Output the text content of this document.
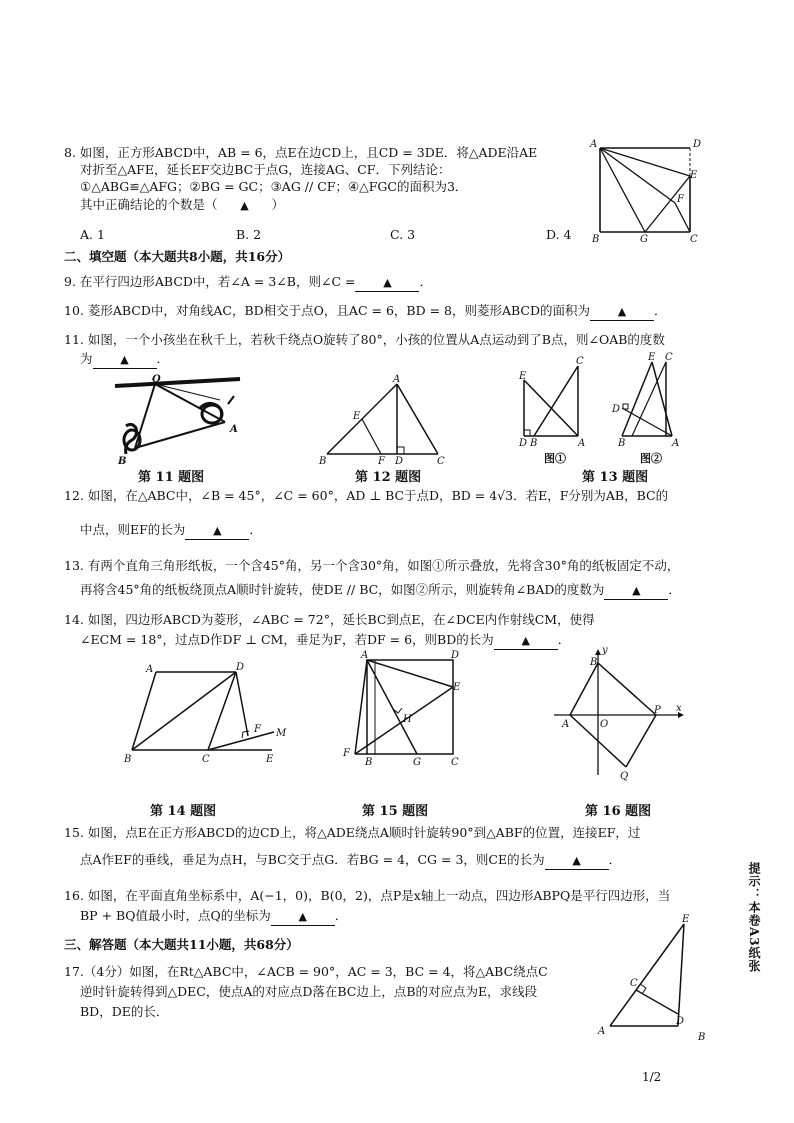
8. 如图，正方形ABCD中，AB = 6，点E在边CD上，且CD = 3DE．将△ADE沿AE
对折至△AFE，延长EF交边BC于点G，连接AG、CF．下列结论：
①△ABG≌△AFG；②BG = GC；③AG // CF；④△FGC的面积为3．
其中正确结论的个数是（ ▲ ）
A. 1	B. 2	C. 3	D. 4
A	D
E
F
B	G	C
二、填空题（本大题共8小题，共16分）
9. 在平行四边形ABCD中，若∠A = 3∠B，则∠C =	▲ ．
10. 菱形ABCD中，对角线AC，BD相交于点O，且AC = 6，BD = 8，则菱形ABCD的面积为	▲ ．
11. 如图，一个小孩坐在秋千上，若秋千绕点O旋转了80°，小孩的位置从A点运动到了B点，则∠OAB的度数
为	▲ ．
O
A
B
A
E
B	F D	C
E
C
D B	A
图①
E C
D
B	A
图②
第 11 题图	第 12 题图	第 13 题图
12. 如图，在△ABC中，∠B = 45°，∠C = 60°，AD ⊥ BC于点D，BD = 4√3．若E，F分别为AB，BC的
中点，则EF的长为	▲ ．
13. 有两个直角三角形纸板，一个含45°角，另一个含30°角，如图①所示叠放，先将含30°角的纸板固定不动，
再将含45°角的纸板绕顶点A顺时针旋转，使DE // BC，如图②所示，则旋转角∠BAD的度数为	▲ ．
14. 如图，四边形ABCD为菱形，∠ABC = 72°，延长BC到点E，在∠DCE内作射线CM，使得
∠ECM = 18°，过点D作DF ⊥ CM，垂足为F，若DF = 6，则BD的长为	▲ ．
A	D
F M
B	C	E
A	D
E
H
F
B	G	C
y
B
A	O
P x
Q
第 14 题图	第 15 题图	第 16 题图
15. 如图，点E在正方形ABCD的边CD上，将△ADE绕点A顺时针旋转90°到△ABF的位置，连接EF，过
点A作EF的垂线，垂足为点H，与BC交于点G．若BG = 4，CG = 3，则CE的长为	▲ ．
16. 如图，在平面直角坐标系中，A(−1，0)，B(0，2)，点P是x轴上一动点，四边形ABPQ是平行四边形，当
BP + BQ值最小时，点Q的坐标为	▲ ．
三、解答题（本大题共11小题，共68分）
17.（4分）如图，在Rt△ABC中，∠ACB = 90°，AC = 3，BC = 4，将△ABC绕点C
逆时针旋转得到△DEC，使点A的对应点D落在BC边上，点B的对应点为E，求线段
BD，DE的长．
E
C
A
D
B
提示：本卷A3纸张
1/2
